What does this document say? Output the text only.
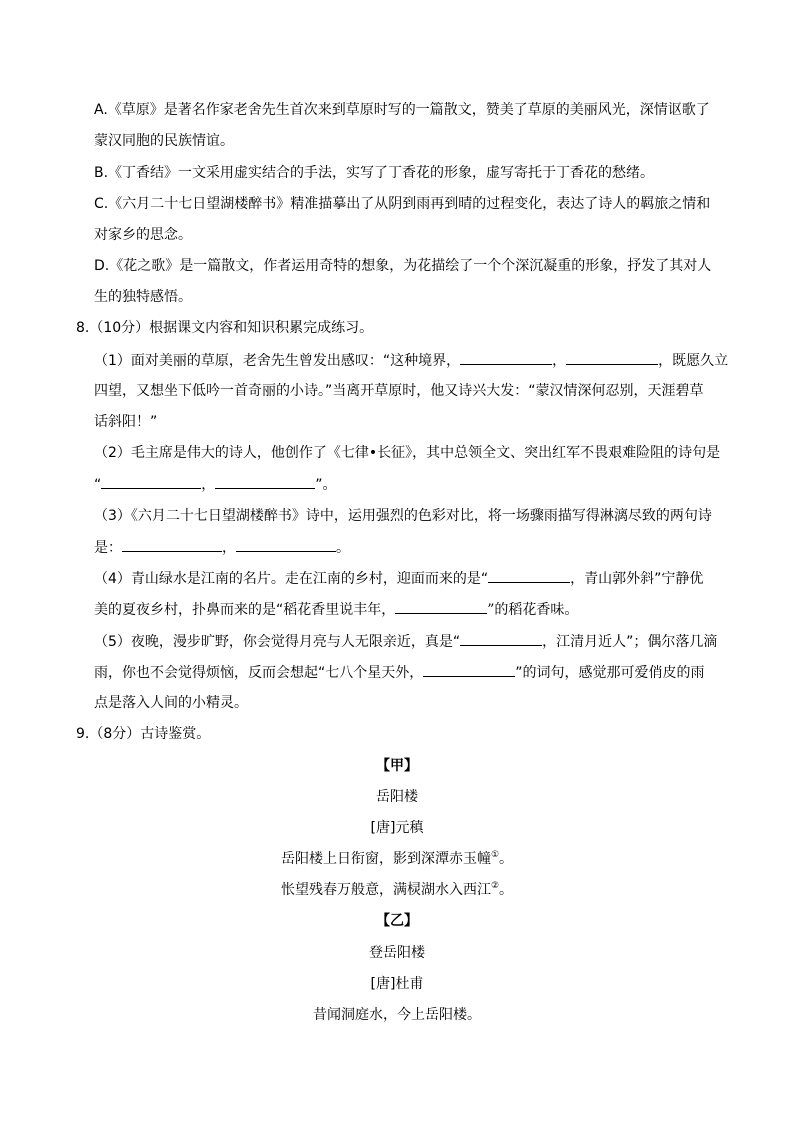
A.《草原》是著名作家老舍先生首次来到草原时写的一篇散文，赞美了草原的美丽风光，深情讴歌了
蒙汉同胞的民族情谊。
B.《丁香结》一文采用虚实结合的手法，实写了丁香花的形象，虚写寄托于丁香花的愁绪。
C.《六月二十七日望湖楼醉书》精准描摹出了从阴到雨再到晴的过程变化，表达了诗人的羁旅之情和
对家乡的思念。
D.《花之歌》是一篇散文，作者运用奇特的想象，为花描绘了一个个深沉凝重的形象，抒发了其对人
生的独特感悟。
8.（10分）根据课文内容和知识积累完成练习。
（1）面对美丽的草原，老舍先生曾发出感叹：“这种境界，	，	，既愿久立
四望，又想坐下低吟一首奇丽的小诗。”当离开草原时，他又诗兴大发：“蒙汉情深何忍别，天涯碧草
话斜阳！”
（2）毛主席是伟大的诗人，他创作了《七律•长征》，其中总领全文、突出红军不畏艰难险阻的诗句是
“	，	”。
（3）《六月二十七日望湖楼醉书》诗中，运用强烈的色彩对比，将一场骤雨描写得淋漓尽致的两句诗
是：	，	。
（4）青山绿水是江南的名片。走在江南的乡村，迎面而来的是“	，青山郭外斜”宁静优
美的夏夜乡村，扑鼻而来的是“稻花香里说丰年，	”的稻花香味。
（5）夜晚，漫步旷野，你会觉得月亮与人无限亲近，真是“	，江清月近人”；偶尔落几滴
雨，你也不会觉得烦恼，反而会想起“七八个星天外，	”的词句，感觉那可爱俏皮的雨
点是落入人间的小精灵。
9.（8分）古诗鉴赏。
【甲】
岳阳楼
[唐]元稹
岳阳楼上日衔窗，影到深潭赤玉幢①。
怅望残春万般意，满棂湖水入西江②。
【乙】
登岳阳楼
[唐]杜甫
昔闻洞庭水，今上岳阳楼。
